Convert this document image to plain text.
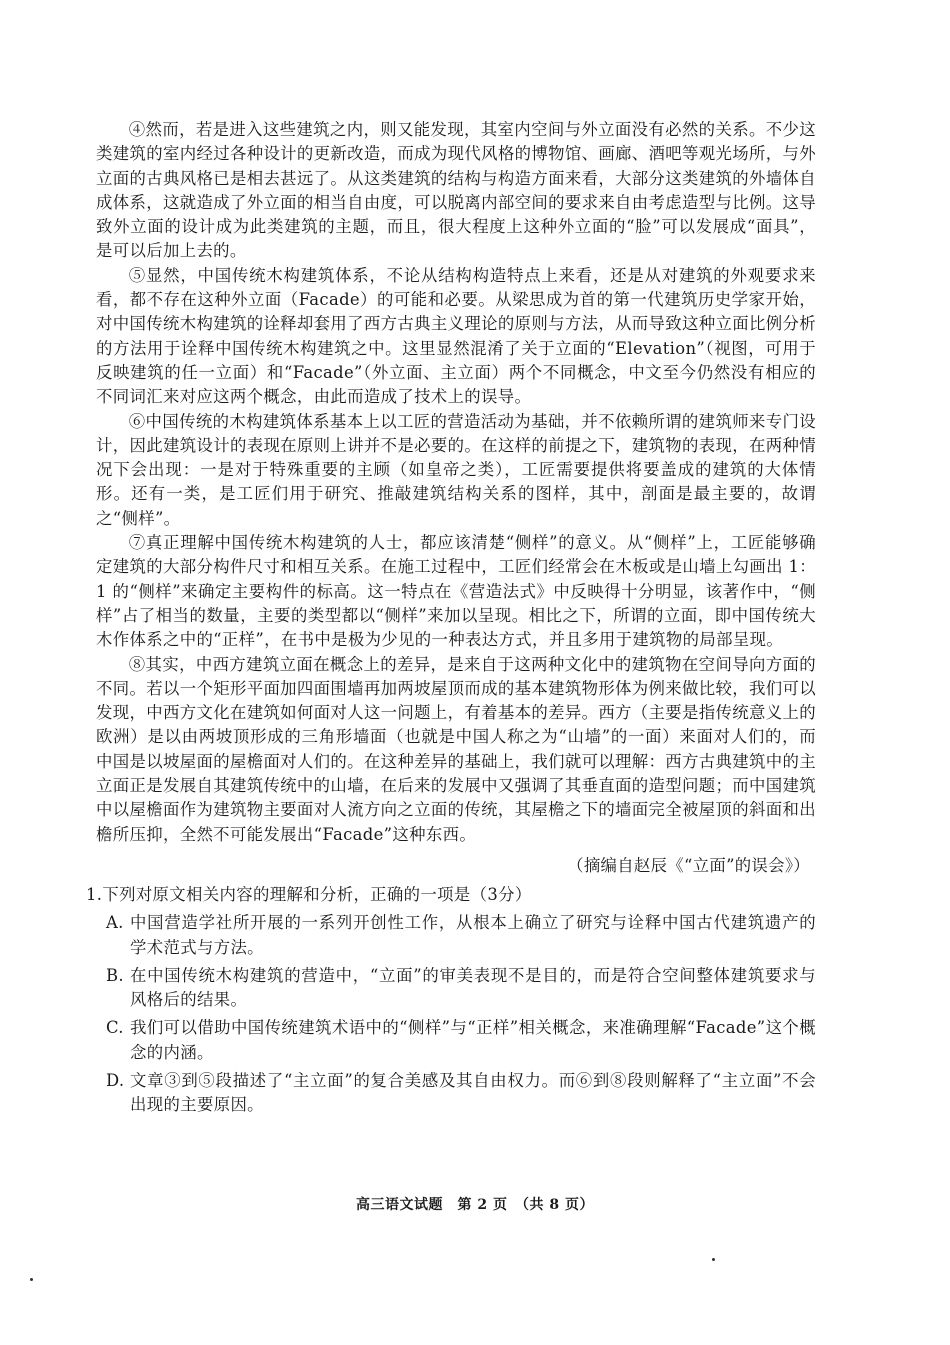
④然而，若是进入这些建筑之内，则又能发现，其室内空间与外立面没有必然的关系。不少这类建筑的室内经过各种设计的更新改造，而成为现代风格的博物馆、画廊、酒吧等观光场所，与外立面的古典风格已是相去甚远了。从这类建筑的结构与构造方面来看，大部分这类建筑的外墙体自成体系，这就造成了外立面的相当自由度，可以脱离内部空间的要求来自由考虑造型与比例。这导致外立面的设计成为此类建筑的主题，而且，很大程度上这种外立面的“脸”可以发展成“面具”，是可以后加上去的。

⑤显然，中国传统木构建筑体系，不论从结构构造特点上来看，还是从对建筑的外观要求来看，都不存在这种外立面（Facade）的可能和必要。从梁思成为首的第一代建筑历史学家开始，对中国传统木构建筑的诠释却套用了西方古典主义理论的原则与方法，从而导致这种立面比例分析的方法用于诠释中国传统木构建筑之中。这里显然混淆了关于立面的“Elevation”（视图，可用于反映建筑的任一立面）和“Facade”（外立面、主立面）两个不同概念，中文至今仍然没有相应的不同词汇来对应这两个概念，由此而造成了技术上的误导。

⑥中国传统的木构建筑体系基本上以工匠的营造活动为基础，并不依赖所谓的建筑师来专门设计，因此建筑设计的表现在原则上讲并不是必要的。在这样的前提之下，建筑物的表现，在两种情况下会出现：一是对于特殊重要的主顾（如皇帝之类），工匠需要提供将要盖成的建筑的大体情形。还有一类，是工匠们用于研究、推敲建筑结构关系的图样，其中，剖面是最主要的，故谓之“侧样”。

⑦真正理解中国传统木构建筑的人士，都应该清楚“侧样”的意义。从“侧样”上，工匠能够确定建筑的大部分构件尺寸和相互关系。在施工过程中，工匠们经常会在木板或是山墙上勾画出 1：1 的“侧样”来确定主要构件的标高。这一特点在《营造法式》中反映得十分明显，该著作中，“侧样”占了相当的数量，主要的类型都以“侧样”来加以呈现。相比之下，所谓的立面，即中国传统大木作体系之中的“正样”，在书中是极为少见的一种表达方式，并且多用于建筑物的局部呈现。

⑧其实，中西方建筑立面在概念上的差异，是来自于这两种文化中的建筑物在空间导向方面的不同。若以一个矩形平面加四面围墙再加两坡屋顶而成的基本建筑物形体为例来做比较，我们可以发现，中西方文化在建筑如何面对人这一问题上，有着基本的差异。西方（主要是指传统意义上的欧洲）是以由两坡顶形成的三角形墙面（也就是中国人称之为“山墙”的一面）来面对人们的，而中国是以坡屋面的屋檐面对人们的。在这种差异的基础上，我们就可以理解：西方古典建筑中的主立面正是发展自其建筑传统中的山墙，在后来的发展中又强调了其垂直面的造型问题；而中国建筑中以屋檐面作为建筑物主要面对人流方向之立面的传统，其屋檐之下的墙面完全被屋顶的斜面和出檐所压抑，全然不可能发展出“Facade”这种东西。

（摘编自赵辰《“立面”的误会》）

1.下列对原文相关内容的理解和分析，正确的一项是（3分）

A. 中国营造学社所开展的一系列开创性工作，从根本上确立了研究与诠释中国古代建筑遗产的学术范式与方法。
B. 在中国传统木构建筑的营造中，“立面”的审美表现不是目的，而是符合空间整体建筑要求与风格后的结果。
C. 我们可以借助中国传统建筑术语中的“侧样”与“正样”相关概念，来准确理解“Facade”这个概念的内涵。
D. 文章③到⑤段描述了“主立面”的复合美感及其自由权力。而⑥到⑧段则解释了“主立面”不会出现的主要原因。
高三语文试题　第 2 页　（共 8 页）
